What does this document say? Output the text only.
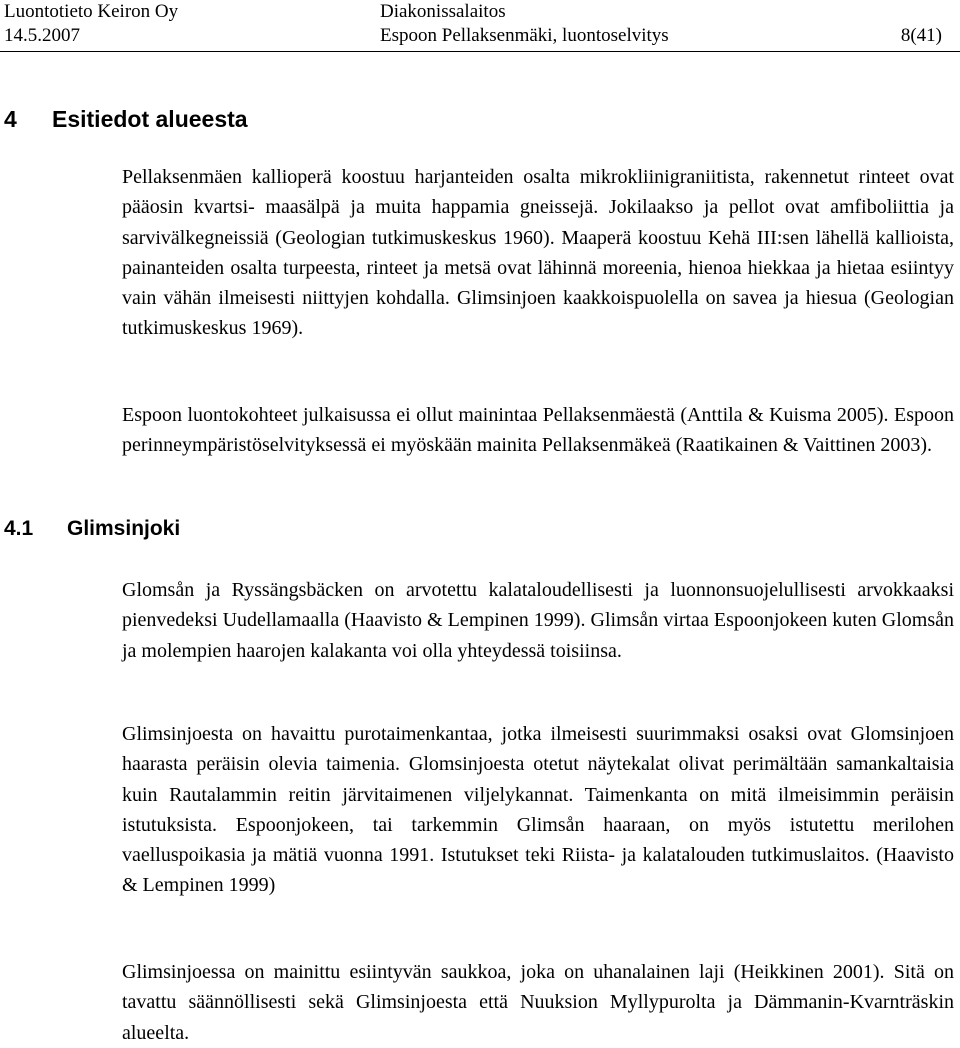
Luontotieto Keiron Oy
14.5.2007
Diakonissalaitos
Espoon Pellaksenmäki, luontoselvitys
	8(41)
4 Esitiedot alueesta

Pellaksenmäen kallioperä koostuu harjanteiden osalta mikrokliinigraniitista, rakennetut rinteet ovat pääosin kvartsi- maasälpä ja muita happamia gneissejä. Jokilaakso ja pellot ovat amfiboliittia ja sarvivälkegneissiä (Geologian tutkimuskeskus 1960). Maaperä koostuu Kehä III:sen lähellä kallioista, painanteiden osalta turpeesta, rinteet ja metsä ovat lähinnä moreenia, hienoa hiekkaa ja hietaa esiintyy vain vähän ilmeisesti niittyjen kohdalla. Glimsinjoen kaakkoispuolella on savea ja hiesua (Geologian tutkimuskeskus 1969).

Espoon luontokohteet julkaisussa ei ollut mainintaa Pellaksenmäestä (Anttila & Kuisma 2005). Espoon perinneympäristöselvityksessä ei myöskään mainita Pellaksenmäkeä (Raatikainen & Vaittinen 2003).

4.1 Glimsinjoki

Glomsån ja Ryssängsbäcken on arvotettu kalataloudellisesti ja luonnonsuojelullisesti arvokkaaksi pienvedeksi Uudellamaalla (Haavisto & Lempinen 1999). Glimsån virtaa Espoonjokeen kuten Glomsån ja molempien haarojen kalakanta voi olla yhteydessä toisiinsa.

Glimsinjoesta on havaittu purotaimenkantaa, jotka ilmeisesti suurimmaksi osaksi ovat Glomsinjoen haarasta peräisin olevia taimenia. Glomsinjoesta otetut näytekalat olivat perimältään samankaltaisia kuin Rautalammin reitin järvitaimenen viljelykannat. Taimenkanta on mitä ilmeisimmin peräisin istutuksista. Espoonjokeen, tai tarkemmin Glimsån haaraan, on myös istutettu merilohen vaelluspoikasia ja mätiä vuonna 1991. Istutukset teki Riista- ja kalatalouden tutkimuslaitos. (Haavisto & Lempinen 1999)

Glimsinjoessa on mainittu esiintyvän saukkoa, joka on uhanalainen laji (Heikkinen 2001). Sitä on tavattu säännöllisesti sekä Glimsinjoesta että Nuuksion Myllypurolta ja Dämmanin-Kvarnträskin alueelta.
